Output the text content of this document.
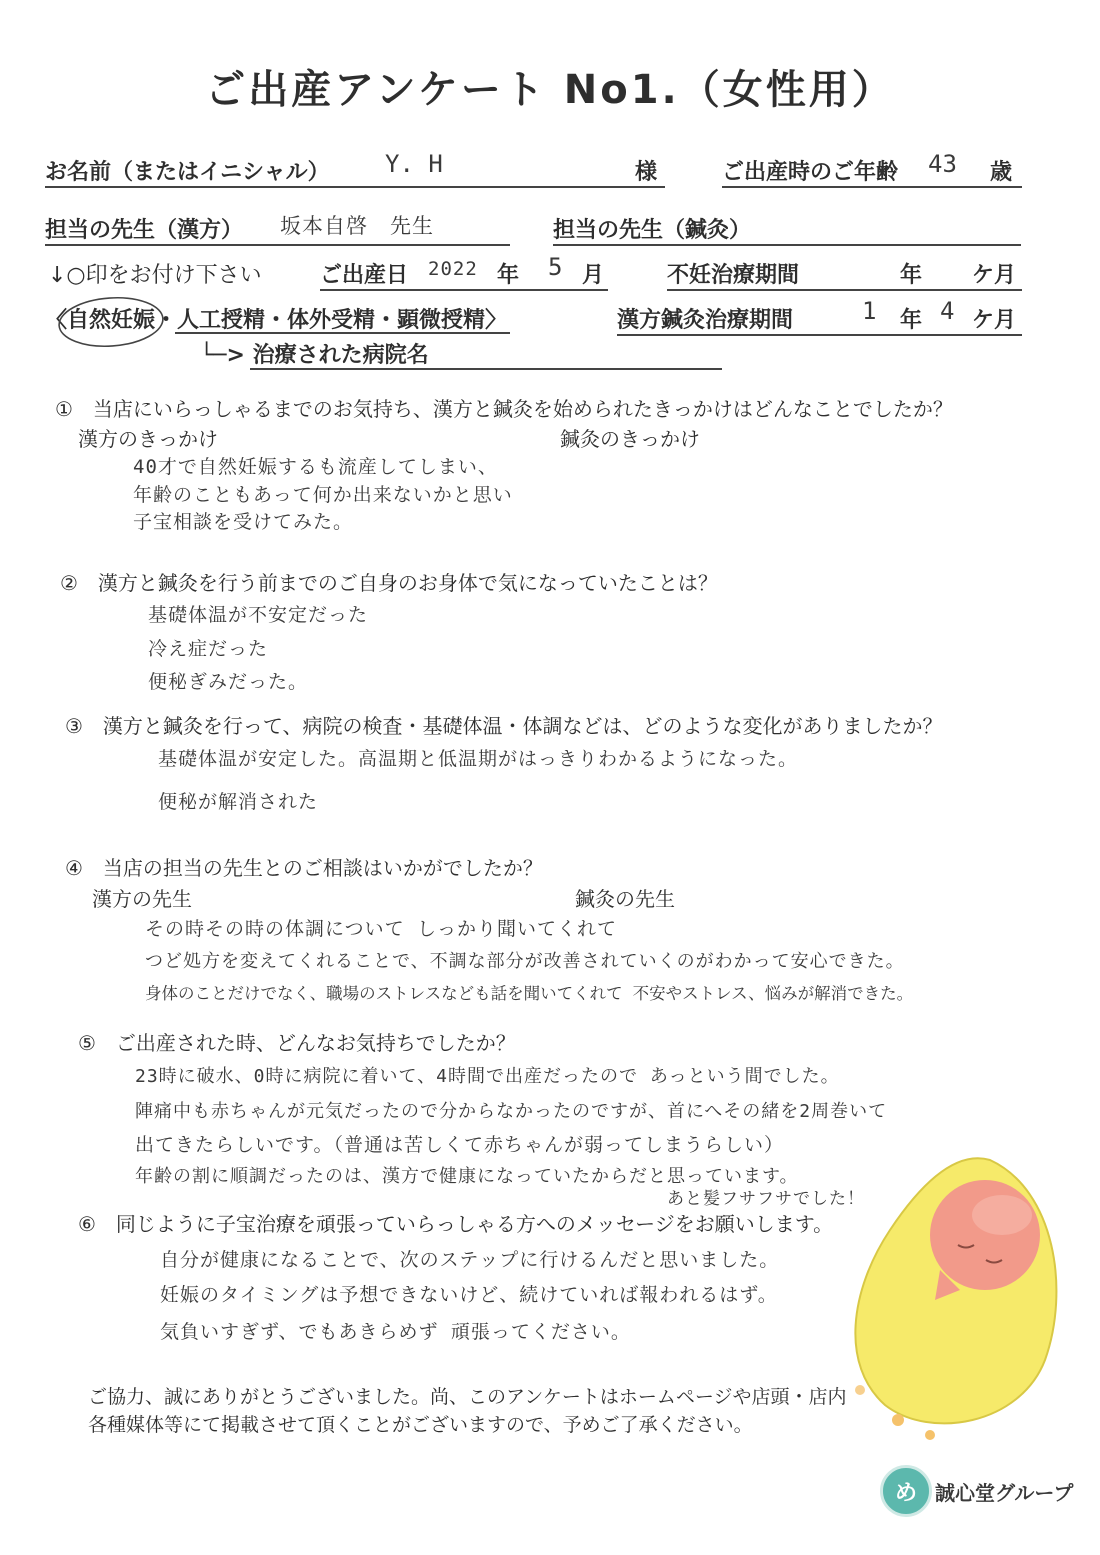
ご出産アンケート No1.（女性用）
お名前（またはイニシャル） Y. H	様	ご出産時のご年齢 43 歳
担当の先生（漢方） 坂本自啓　先生	担当の先生（鍼灸）
↓○印をお付け下さい	ご出産日 2022 年 5 月	不妊治療期間	年 ケ月
〈自然妊娠・人工授精・体外受精・顕微授精〉	漢方鍼灸治療期間	1 年 4 ケ月
└─> 治療された病院名
①　当店にいらっしゃるまでのお気持ち、漢方と鍼灸を始められたきっかけはどんなことでしたか？
漢方のきっかけ	鍼灸のきっかけ
40才で自然妊娠するも流産してしまい、
年齢のこともあって何か出来ないかと思い
子宝相談を受けてみた。
②　漢方と鍼灸を行う前までのご自身のお身体で気になっていたことは？
基礎体温が不安定だった
冷え症だった
便秘ぎみだった。
③　漢方と鍼灸を行って、病院の検査・基礎体温・体調などは、どのような変化がありましたか？
基礎体温が安定した。高温期と低温期がはっきりわかるようになった。
便秘が解消された
④　当店の担当の先生とのご相談はいかがでしたか？
漢方の先生	鍼灸の先生
その時その時の体調について しっかり聞いてくれて
つど処方を変えてくれることで、不調な部分が改善されていくのがわかって安心できた。
身体のことだけでなく、職場のストレスなども話を聞いてくれて 不安やストレス、悩みが解消できた。
⑤　ご出産された時、どんなお気持ちでしたか？
23時に破水、0時に病院に着いて、4時間で出産だったので あっという間でした。
陣痛中も赤ちゃんが元気だったので分からなかったのですが、首にへその緒を2周巻いて
出てきたらしいです。（普通は苦しくて赤ちゃんが弱ってしまうらしい）
年齢の割に順調だったのは、漢方で健康になっていたからだと思っています。
あと髪フサフサでした！
⑥　同じように子宝治療を頑張っていらっしゃる方へのメッセージをお願いします。
自分が健康になることで、次のステップに行けるんだと思いました。
妊娠のタイミングは予想できないけど、続けていれば報われるはず。
気負いすぎず、でもあきらめず 頑張ってください。
ご協力、誠にありがとうございました。尚、このアンケートはホームページや店頭・店内
各種媒体等にて掲載させて頂くことがございますので、予めご了承ください。
め 誠心堂グループ
